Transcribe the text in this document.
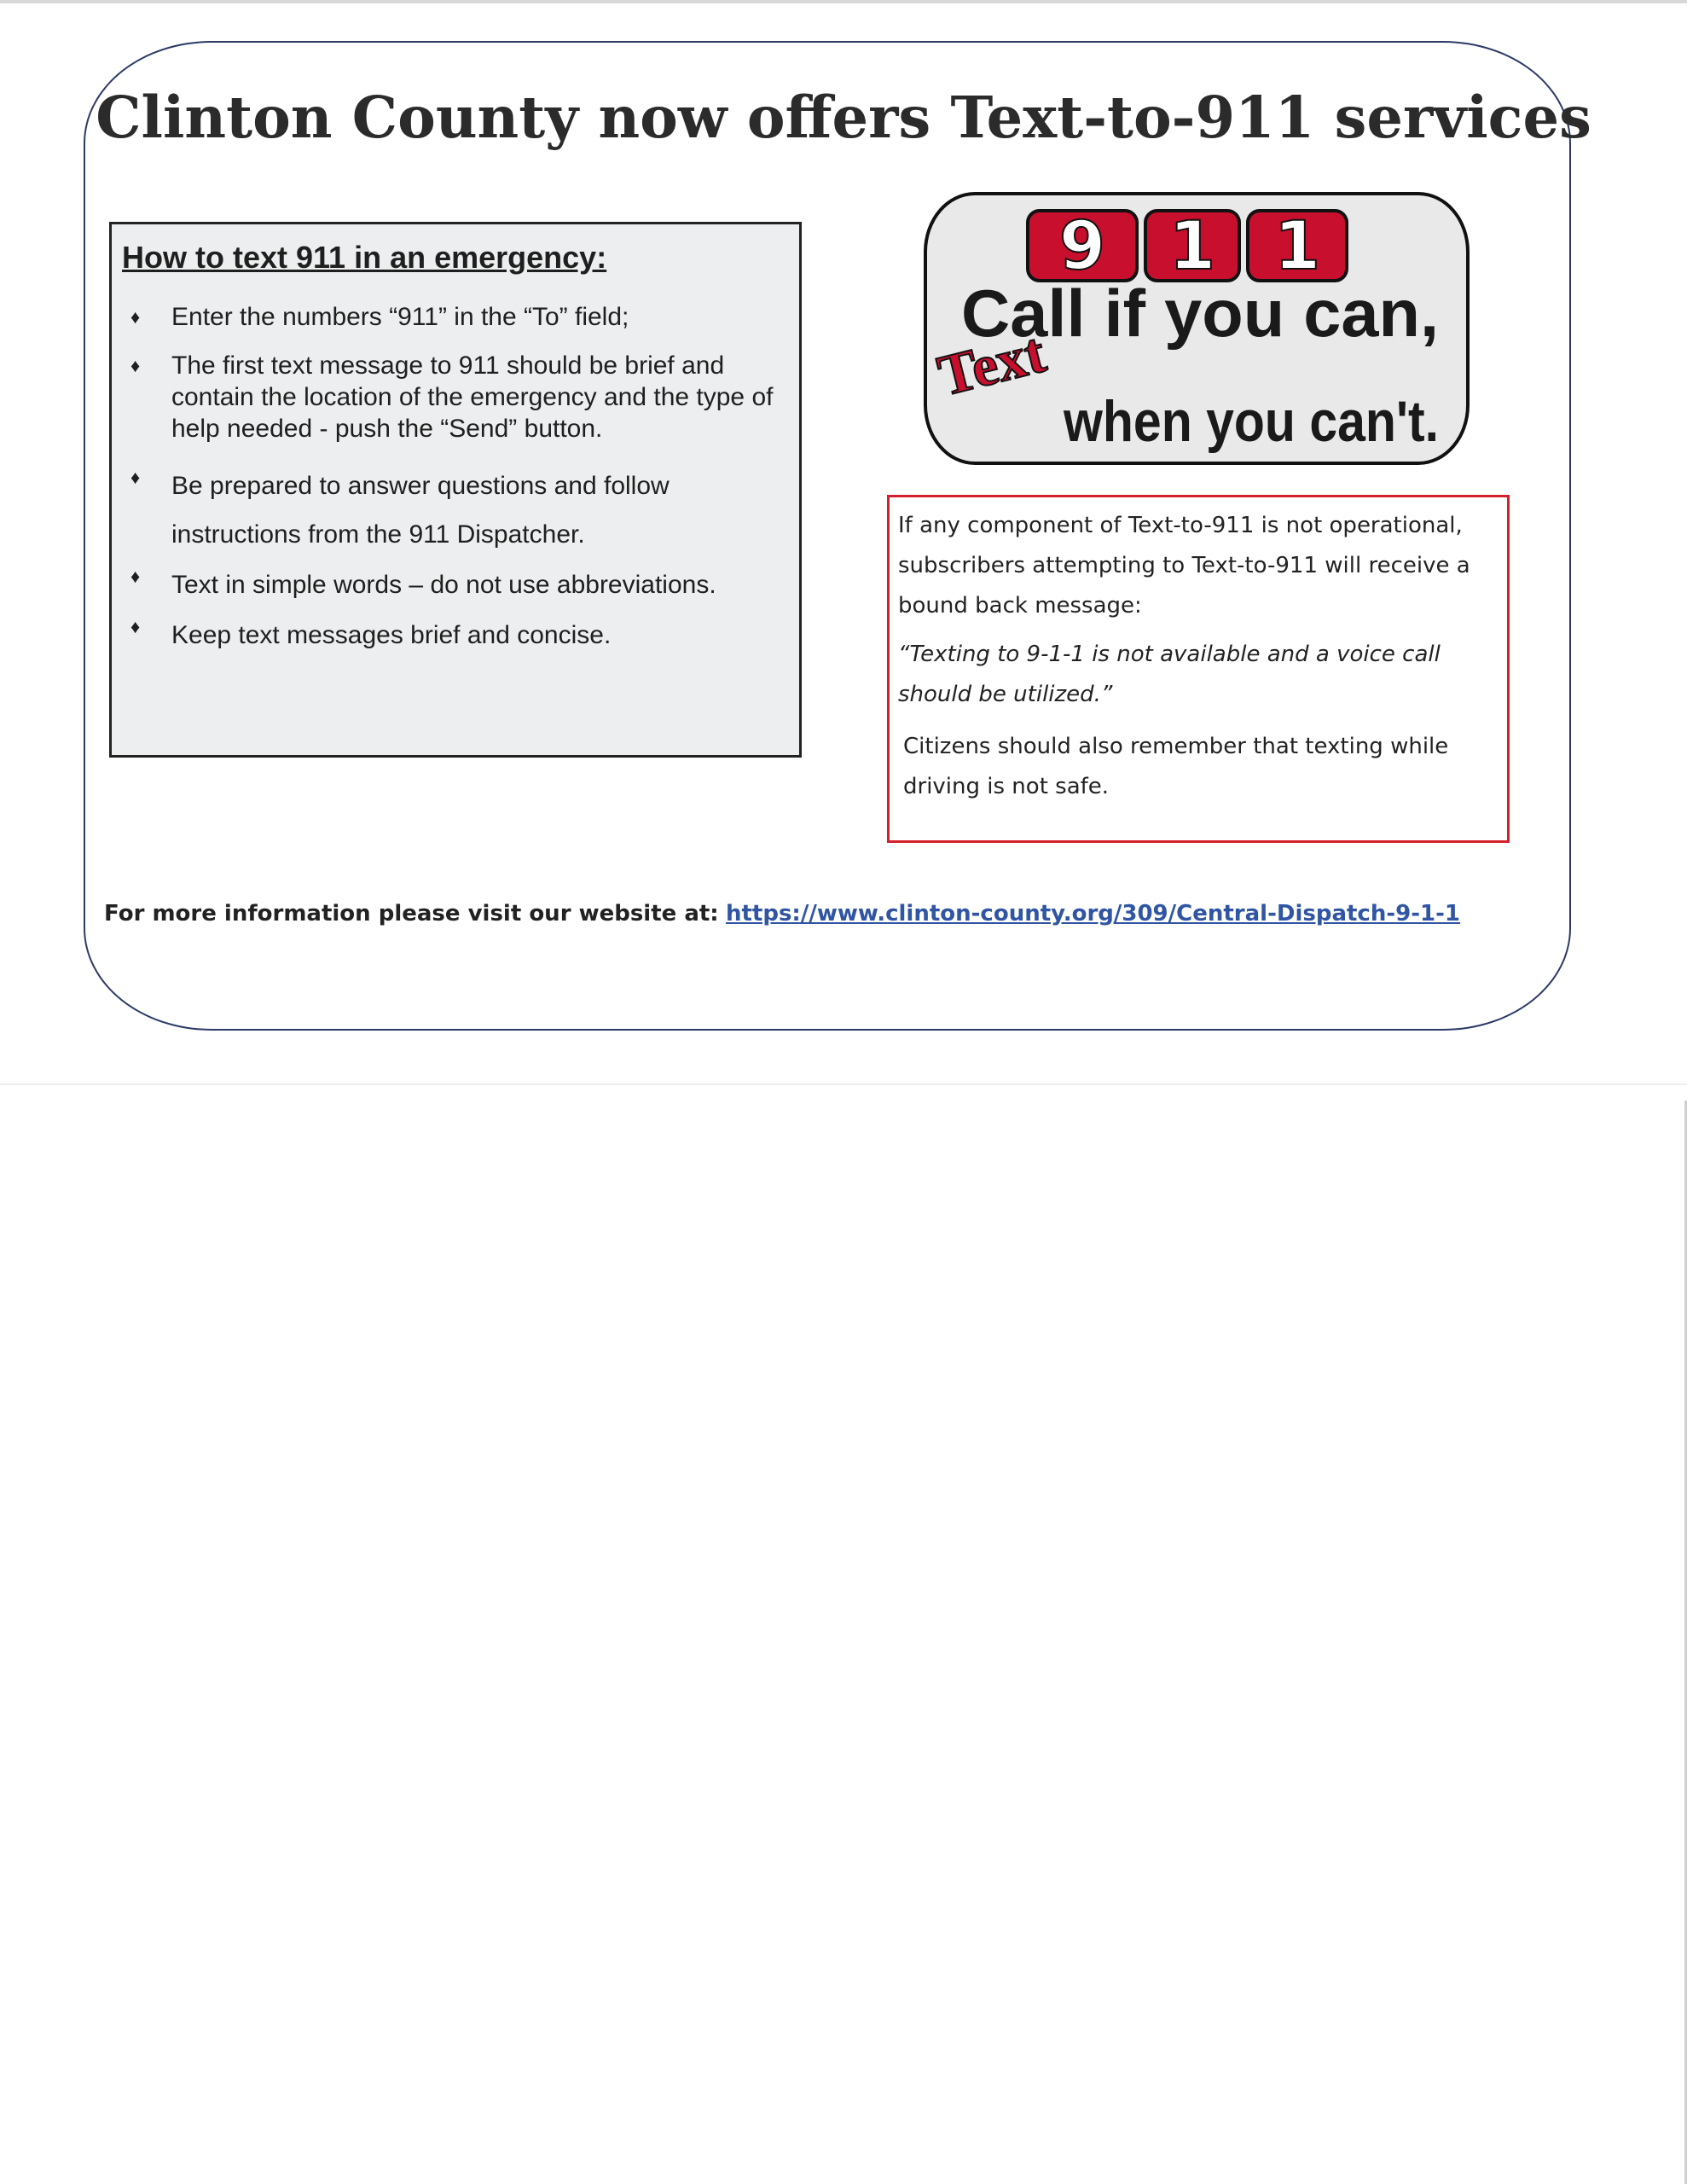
Clinton County now offers Text-to-911 services
How to text 911 in an emergency:
♦	Enter the numbers “911” in the “To” field;
♦	The first text message to 911 should be brief and contain the location of the emergency and the type of help needed - push the “Send” button.
♦	Be prepared to answer questions and follow instructions from the 911 Dispatcher.
♦	Text in simple words – do not use abbreviations.
♦	Keep text messages brief and concise.
9 1 1
Call if you can,
Text
when you can't.

If any component of Text-to-911 is not operational, subscribers attempting to Text-to-911 will receive a bound back message:

“Texting to 9-1-1 is not available and a voice call should be utilized.”

Citizens should also remember that texting while driving is not safe.

For more information please visit our website at: https://www.clinton-county.org/309/Central-Dispatch-9-1-1
